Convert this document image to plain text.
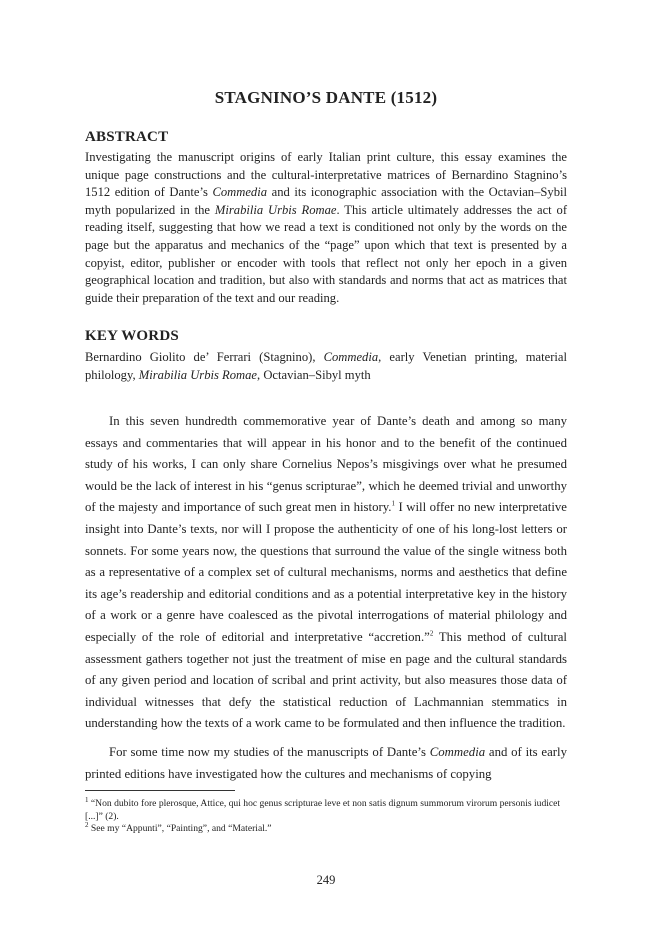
STAGNINO’S DANTE (1512)
ABSTRACT
Investigating the manuscript origins of early Italian print culture, this essay examines the unique page constructions and the cultural-interpretative matrices of Bernardino Stagnino’s 1512 edition of Dante’s Commedia and its iconographic association with the Octavian–Sybil myth popularized in the Mirabilia Urbis Romae. This article ultimately addresses the act of reading itself, suggesting that how we read a text is conditioned not only by the words on the page but the apparatus and mechanics of the “page” upon which that text is presented by a copyist, editor, publisher or encoder with tools that reflect not only her epoch in a given geographical location and tradition, but also with standards and norms that act as matrices that guide their preparation of the text and our reading.
KEY WORDS
Bernardino Giolito de’ Ferrari (Stagnino), Commedia, early Venetian printing, material philology, Mirabilia Urbis Romae, Octavian–Sibyl myth
In this seven hundredth commemorative year of Dante’s death and among so many essays and commentaries that will appear in his honor and to the benefit of the continued study of his works, I can only share Cornelius Nepos’s misgivings over what he presumed would be the lack of interest in his “genus scripturae”, which he deemed trivial and unworthy of the majesty and importance of such great men in history.$^1$ I will offer no new interpretative insight into Dante’s texts, nor will I propose the authenticity of one of his long-lost letters or sonnets. For some years now, the questions that surround the value of the single witness both as a representative of a complex set of cultural mechanisms, norms and aesthetics that define its age’s readership and editorial conditions and as a potential interpretative key in the history of a work or a genre have coalesced as the pivotal interrogations of material philology and especially of the role of editorial and interpretative “accretion.”$^2$ This method of cultural assessment gathers together not just the treatment of mise en page and the cultural standards of any given period and location of scribal and print activity, but also measures those data of individual witnesses that defy the statistical reduction of Lachmannian stemmatics in understanding how the texts of a work came to be formulated and then influence the tradition.
For some time now my studies of the manuscripts of Dante’s Commedia and of its early printed editions have investigated how the cultures and mechanisms of copying

$^1$ “Non dubito fore plerosque, Attice, qui hoc genus scripturae leve et non satis dignum summorum virorum personis iudicet [...]” (2).

$^2$ See my “Appunti”, “Painting”, and “Material.”

249
